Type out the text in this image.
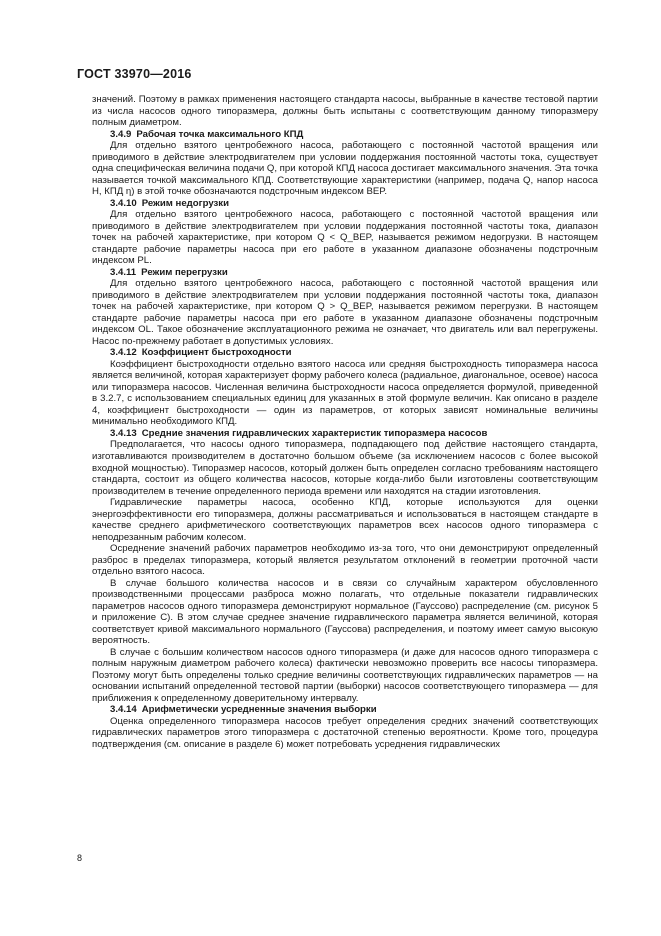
ГОСТ 33970—2016

значений. Поэтому в рамках применения настоящего стандарта насосы, выбранные в качестве тестовой партии из числа насосов одного типоразмера, должны быть испытаны с соответствующим данному типоразмеру полным диаметром.

3.4.9 Рабочая точка максимального КПД

Для отдельно взятого центробежного насоса, работающего с постоянной частотой вращения или приводимого в действие электродвигателем при условии поддержания постоянной частоты тока, существует одна специфическая величина подачи Q, при которой КПД насоса достигает максимального значения. Эта точка называется точкой максимального КПД. Соответствующие характеристики (например, подача Q, напор насоса H, КПД η) в этой точке обозначаются подстрочным индексом BEP.

3.4.10 Режим недогрузки

Для отдельно взятого центробежного насоса, работающего с постоянной частотой вращения или приводимого в действие электродвигателем при условии поддержания постоянной частоты тока, диапазон точек на рабочей характеристике, при котором Q < Q_BEP, называется режимом недогрузки. В настоящем стандарте рабочие параметры насоса при его работе в указанном диапазоне обозначены подстрочным индексом PL.

3.4.11 Режим перегрузки

Для отдельно взятого центробежного насоса, работающего с постоянной частотой вращения или приводимого в действие электродвигателем при условии поддержания постоянной частоты тока, диапазон точек на рабочей характеристике, при котором Q > Q_BEP, называется режимом перегрузки. В настоящем стандарте рабочие параметры насоса при его работе в указанном диапазоне обозначены подстрочным индексом OL. Такое обозначение эксплуатационного режима не означает, что двигатель или вал перегружены. Насос по-прежнему работает в допустимых условиях.

3.4.12 Коэффициент быстроходности

Коэффициент быстроходности отдельно взятого насоса или средняя быстроходность типоразмера насоса является величиной, которая характеризует форму рабочего колеса (радиальное, диагональное, осевое) насоса или типоразмера насосов. Численная величина быстроходности насоса определяется формулой, приведенной в 3.2.7, с использованием специальных единиц для указанных в этой формуле величин. Как описано в разделе 4, коэффициент быстроходности — один из параметров, от которых зависят номинальные величины минимально необходимого КПД.

3.4.13 Средние значения гидравлических характеристик типоразмера насосов

Предполагается, что насосы одного типоразмера, подпадающего под действие настоящего стандарта, изготавливаются производителем в достаточно большом объеме (за исключением насосов с более высокой входной мощностью). Типоразмер насосов, который должен быть определен согласно требованиям настоящего стандарта, состоит из общего количества насосов, которые когда-либо были изготовлены соответствующим производителем в течение определенного периода времени или находятся на стадии изготовления.

Гидравлические параметры насоса, особенно КПД, которые используются для оценки энергоэффективности его типоразмера, должны рассматриваться и использоваться в настоящем стандарте в качестве среднего арифметического соответствующих параметров всех насосов одного типоразмера с неподрезанным рабочим колесом.

Осреднение значений рабочих параметров необходимо из-за того, что они демонстрируют определенный разброс в пределах типоразмера, который является результатом отклонений в геометрии проточной части отдельно взятого насоса.

В случае большого количества насосов и в связи со случайным характером обусловленного производственными процессами разброса можно полагать, что отдельные показатели гидравлических параметров насосов одного типоразмера демонстрируют нормальное (Гауссово) распределение (см. рисунок 5 и приложение С). В этом случае среднее значение гидравлического параметра является величиной, которая соответствует кривой максимального нормального (Гауссова) распределения, и поэтому имеет самую высокую вероятность.

В случае с большим количеством насосов одного типоразмера (и даже для насосов одного типоразмера с полным наружным диаметром рабочего колеса) фактически невозможно проверить все насосы типоразмера. Поэтому могут быть определены только средние величины соответствующих гидравлических параметров — на основании испытаний определенной тестовой партии (выборки) насосов соответствующего типоразмера — для приближения к определенному доверительному интервалу.

3.4.14 Арифметически усредненные значения выборки

Оценка определенного типоразмера насосов требует определения средних значений соответствующих гидравлических параметров этого типоразмера с достаточной степенью вероятности. Кроме того, процедура подтверждения (см. описание в разделе 6) может потребовать усреднения гидравлических

8
